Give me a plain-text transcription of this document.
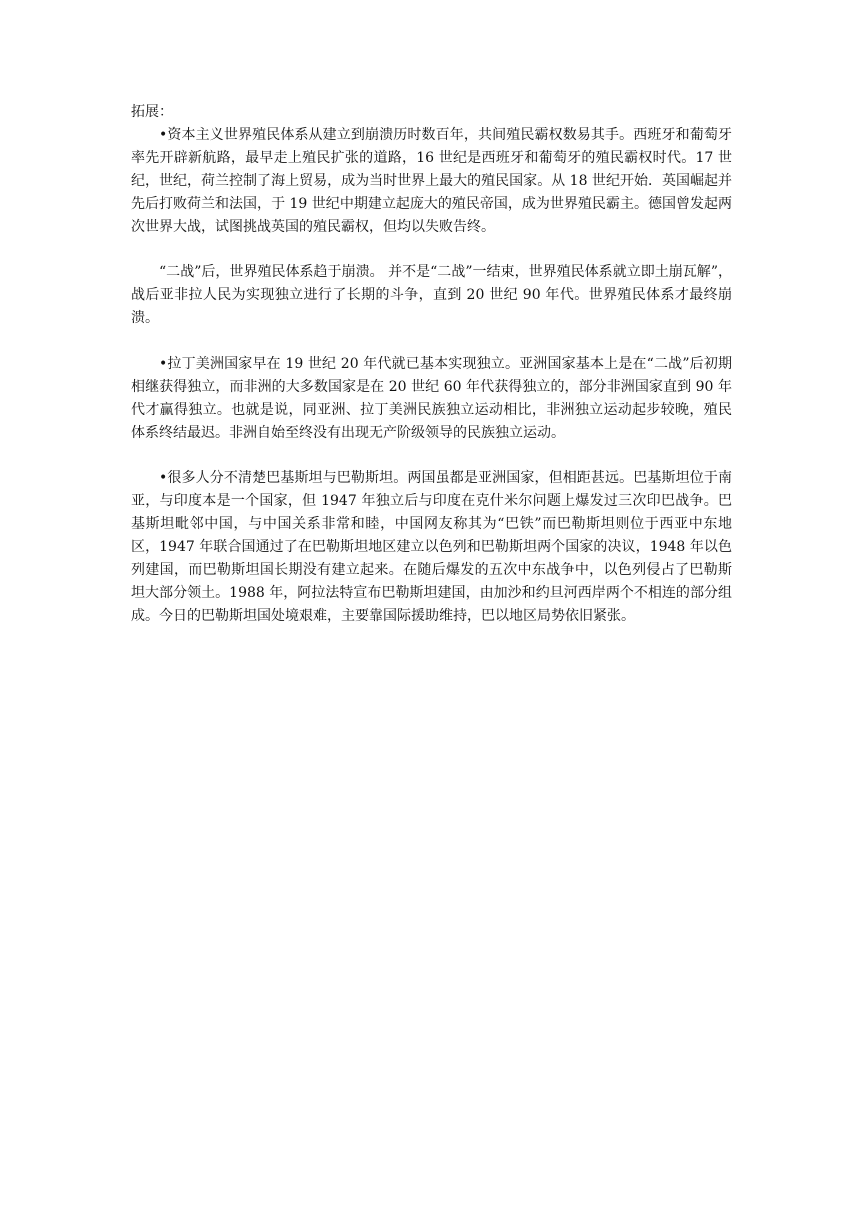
拓展：

•资本主义世界殖民体系从建立到崩溃历时数百年，共间殖民霸权数易其手。西班牙和葡萄牙率先开辟新航路，最早走上殖民扩张的道路，16 世纪是西班牙和葡萄牙的殖民霸权时代。17 世纪，世纪，荷兰控制了海上贸易，成为当时世界上最大的殖民国家。从 18 世纪开始．英国崛起并先后打败荷兰和法国，于 19 世纪中期建立起庞大的殖民帝国，成为世界殖民霸主。德国曾发起两次世界大战，试图挑战英国的殖民霸权，但均以失败告终。

“二战”后，世界殖民体系趋于崩溃。 并不是“二战”一结束，世界殖民体系就立即土崩瓦解”，战后亚非拉人民为实现独立进行了长期的斗争，直到 20 世纪 90 年代。世界殖民体系才最终崩溃。

•拉丁美洲国家早在 19 世纪 20 年代就已基本实现独立。亚洲国家基本上是在“二战”后初期相继获得独立，而非洲的大多数国家是在 20 世纪 60 年代获得独立的，部分非洲国家直到 90 年代才赢得独立。也就是说，同亚洲、拉丁美洲民族独立运动相比，非洲独立运动起步较晚，殖民体系终结最迟。非洲自始至终没有出现无产阶级领导的民族独立运动。

•很多人分不清楚巴基斯坦与巴勒斯坦。两国虽都是亚洲国家，但相距甚远。巴基斯坦位于南亚，与印度本是一个国家，但 1947 年独立后与印度在克什米尔问题上爆发过三次印巴战争。巴基斯坦毗邻中国，与中国关系非常和睦，中国网友称其为“巴铁”而巴勒斯坦则位于西亚中东地区，1947 年联合国通过了在巴勒斯坦地区建立以色列和巴勒斯坦两个国家的决议，1948 年以色列建国，而巴勒斯坦国长期没有建立起来。在随后爆发的五次中东战争中，以色列侵占了巴勒斯坦大部分领土。1988 年，阿拉法特宣布巴勒斯坦建国，由加沙和约旦河西岸两个不相连的部分组成。今日的巴勒斯坦国处境艰难，主要靠国际援助维持，巴以地区局势依旧紧张。
